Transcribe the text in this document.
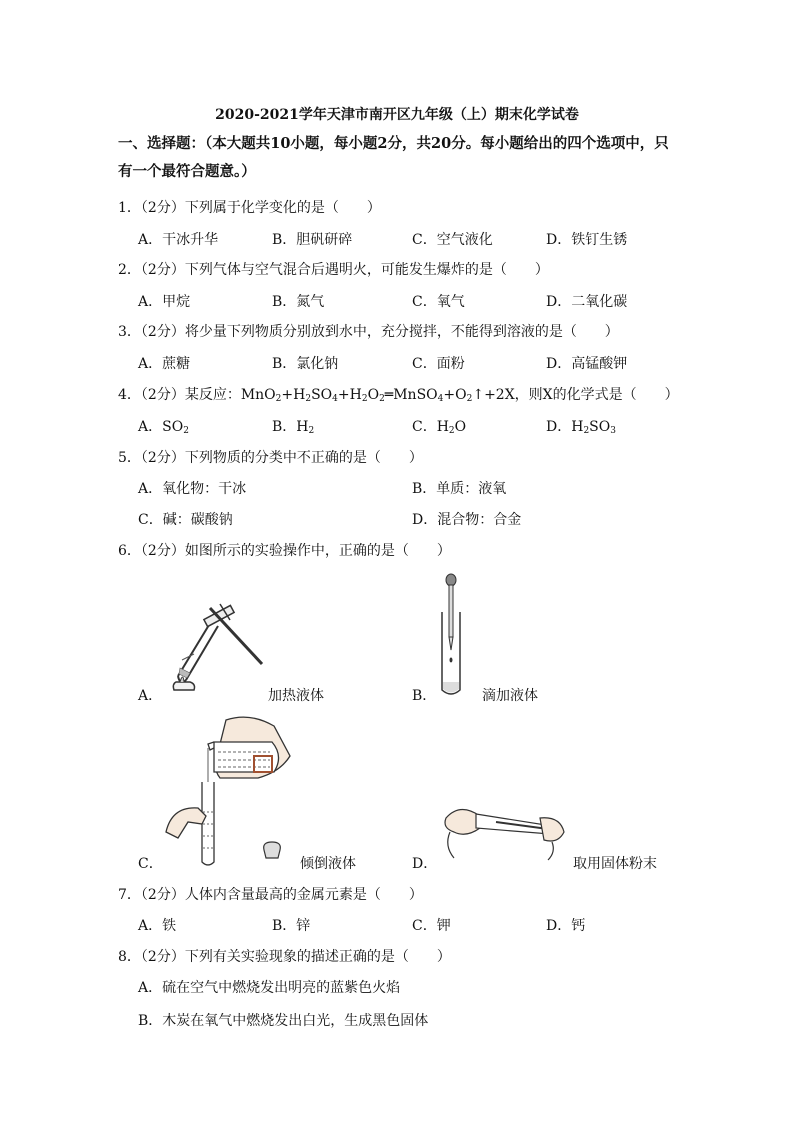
2020-2021学年天津市南开区九年级（上）期末化学试卷
一、选择题：（本大题共10小题，每小题2分，共20分。每小题给出的四个选项中，只
有一个最符合题意。）
1．（2分）下列属于化学变化的是（　　）
A．干冰升华	B．胆矾研碎	C．空气液化	D．铁钉生锈
2．（2分）下列气体与空气混合后遇明火，可能发生爆炸的是（　　）
A．甲烷	B．氮气	C．氧气	D．二氧化碳
3．（2分）将少量下列物质分别放到水中，充分搅拌，不能得到溶液的是（　　）
A．蔗糖	B．氯化钠	C．面粉	D．高锰酸钾
4．（2分）某反应：$MnO_2+H_2SO_4+H_2O_2═MnSO_4+O_2↑+2X$，则X的化学式是（　　）
A．$SO_2$	B．$H_2$	C．$H_2O$	D．$H_2SO_3$
5．（2分）下列物质的分类中不正确的是（　　）
A．氧化物：干冰	B．单质：液氧
C．碱：碳酸钠	D．混合物：合金
6．（2分）如图所示的实验操作中，正确的是（　　）
A．	加热液体	B．	滴加液体
C．	倾倒液体	D．	取用固体粉末
7．（2分）人体内含量最高的金属元素是（　　）
A．铁	B．锌	C．钾	D．钙
8．（2分）下列有关实验现象的描述正确的是（　　）
A．硫在空气中燃烧发出明亮的蓝紫色火焰
B．木炭在氧气中燃烧发出白光，生成黑色固体
